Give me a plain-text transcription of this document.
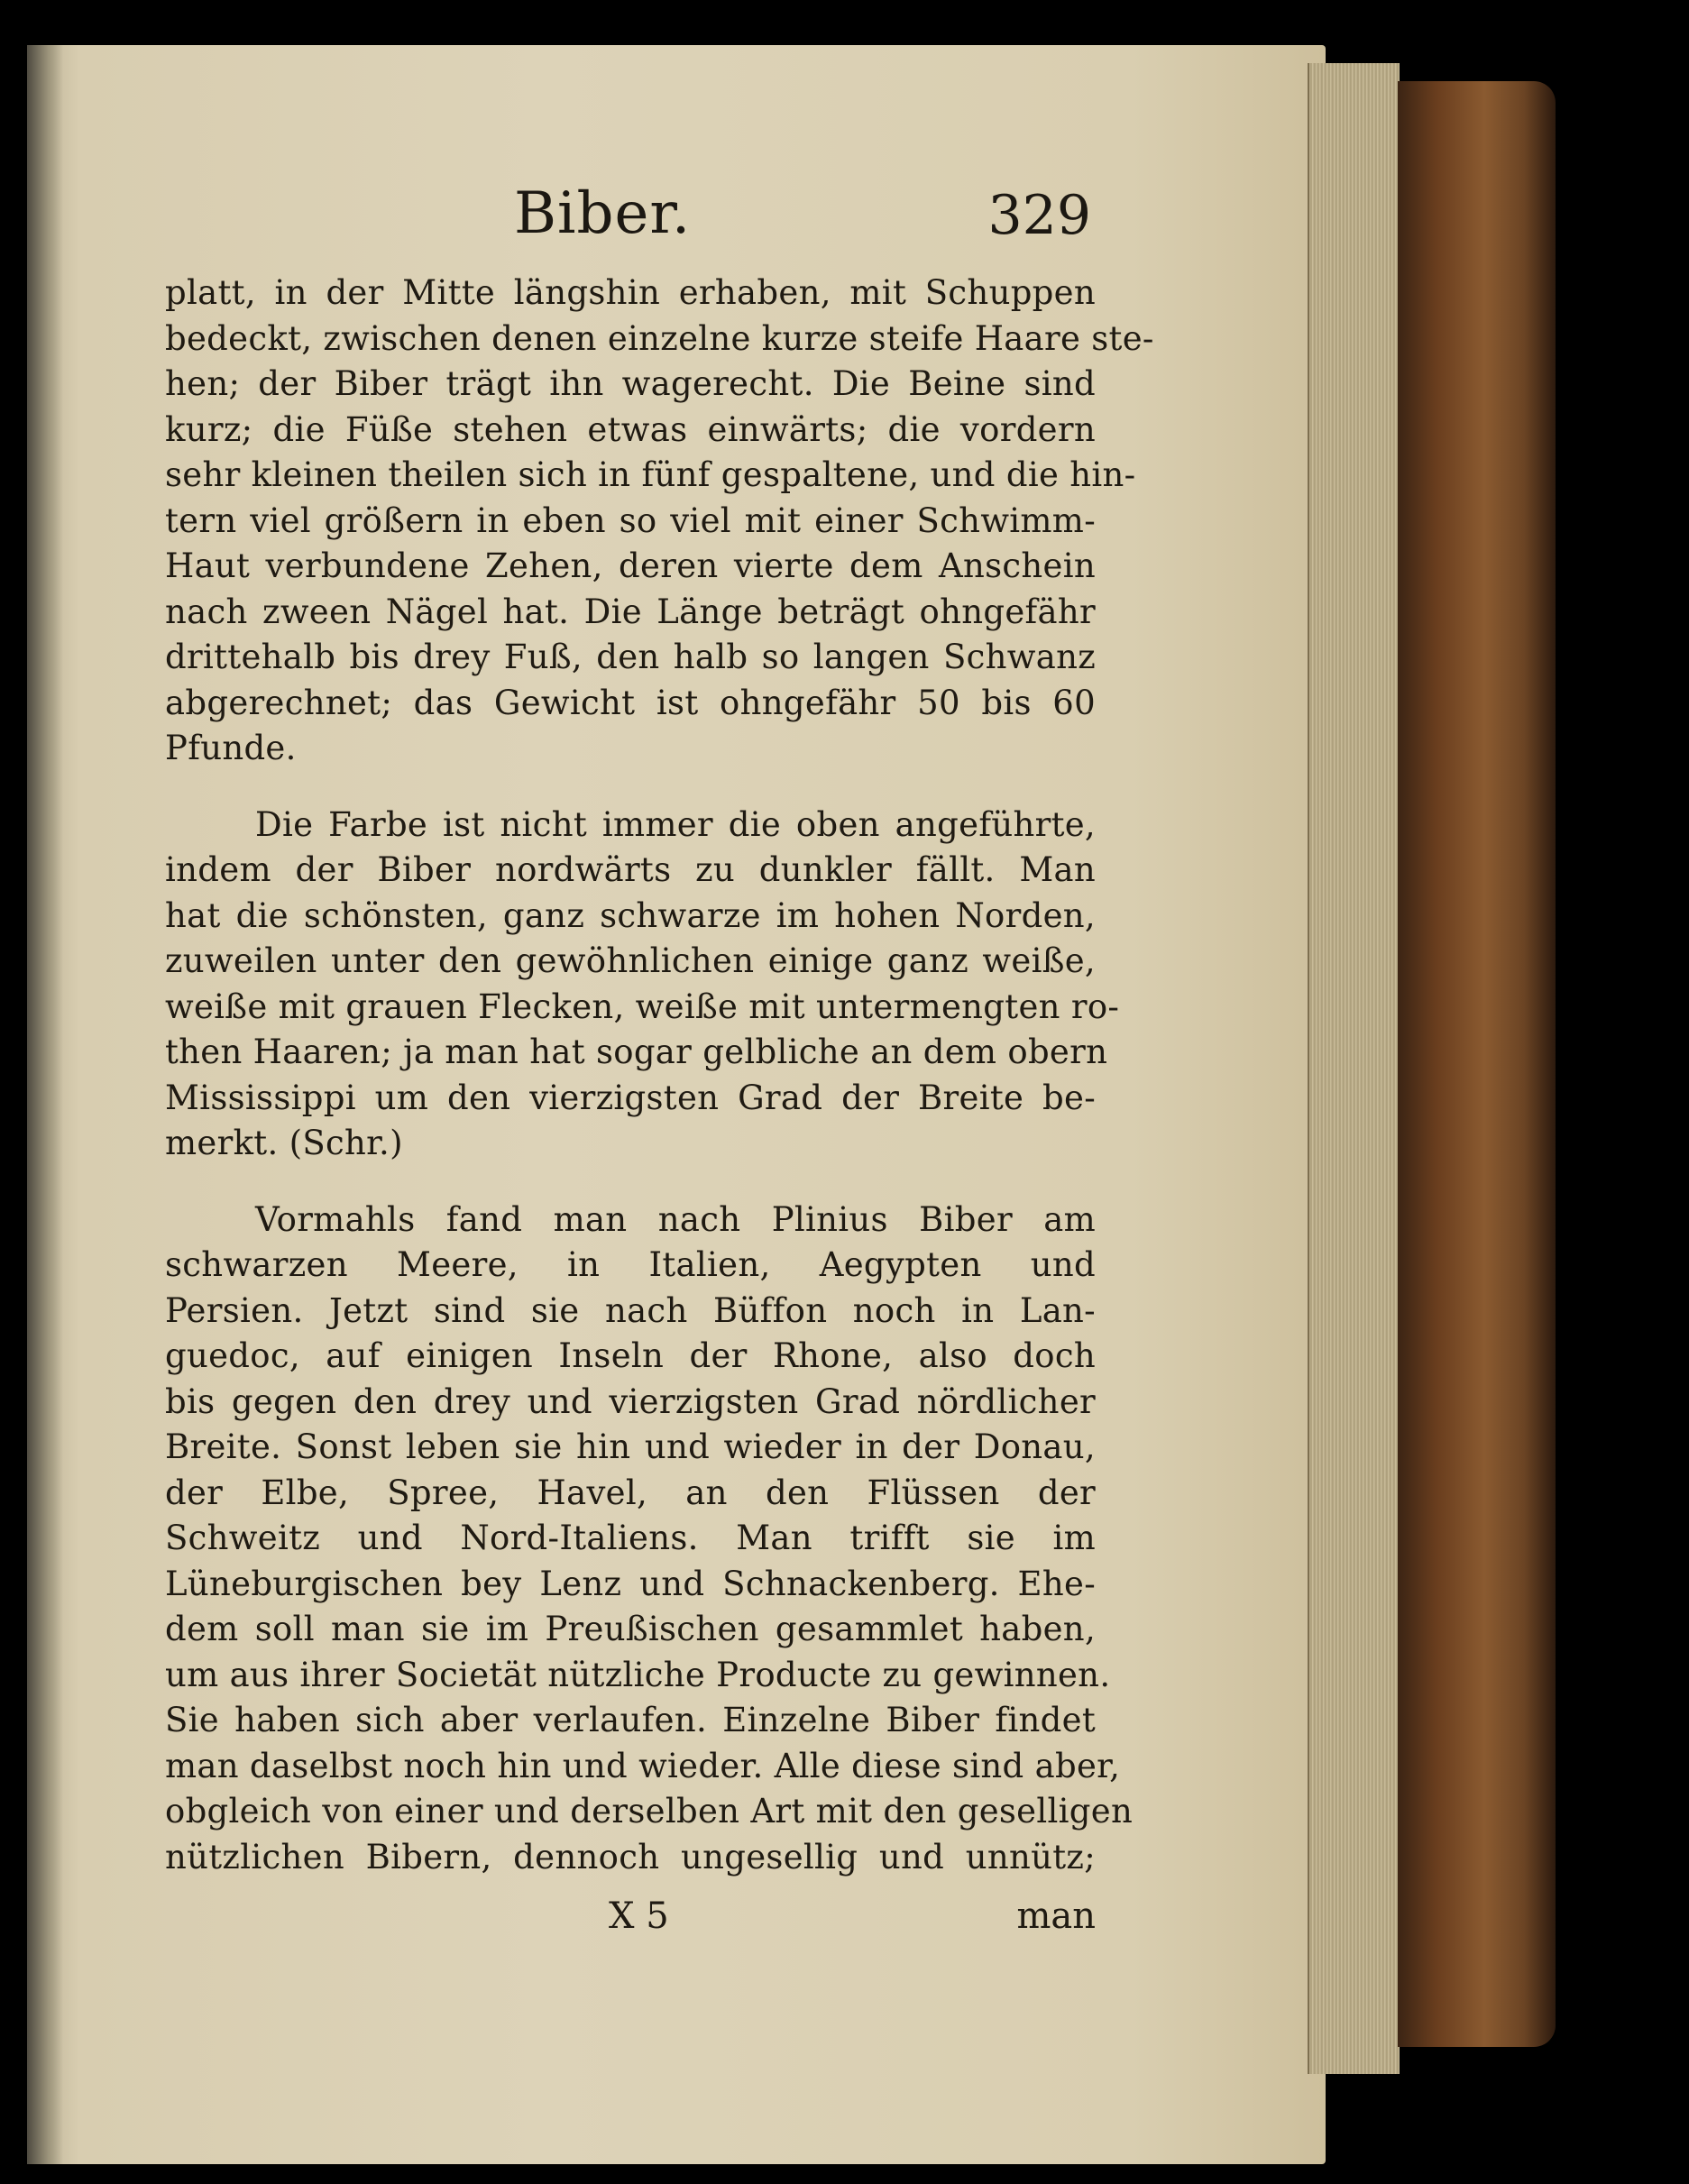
Biber.	329
platt, in der Mitte längshin erhaben, mit Schuppen
bedeckt, zwischen denen einzelne kurze steife Haare ste-
hen; der Biber trägt ihn wagerecht. Die Beine sind
kurz; die Füße stehen etwas einwärts; die vordern
sehr kleinen theilen sich in fünf gespaltene, und die hin-
tern viel größern in eben so viel mit einer Schwimm-
Haut verbundene Zehen, deren vierte dem Anschein
nach zween Nägel hat. Die Länge beträgt ohngefähr
drittehalb bis drey Fuß, den halb so langen Schwanz
abgerechnet; das Gewicht ist ohngefähr 50 bis 60
Pfunde.
Die Farbe ist nicht immer die oben angeführte,
indem der Biber nordwärts zu dunkler fällt. Man
hat die schönsten, ganz schwarze im hohen Norden,
zuweilen unter den gewöhnlichen einige ganz weiße,
weiße mit grauen Flecken, weiße mit untermengten ro-
then Haaren; ja man hat sogar gelbliche an dem obern
Mississippi um den vierzigsten Grad der Breite be-
merkt. (Schr.)
Vormahls fand man nach Plinius Biber am
schwarzen Meere, in Italien, Aegypten und
Persien. Jetzt sind sie nach Büffon noch in Lan-
guedoc, auf einigen Inseln der Rhone, also doch
bis gegen den drey und vierzigsten Grad nördlicher
Breite. Sonst leben sie hin und wieder in der Donau,
der Elbe, Spree, Havel, an den Flüssen der
Schweitz und Nord-Italiens. Man trifft sie im
Lüneburgischen bey Lenz und Schnackenberg. Ehe-
dem soll man sie im Preußischen gesammlet haben,
um aus ihrer Societät nützliche Producte zu gewinnen.
Sie haben sich aber verlaufen. Einzelne Biber findet
man daselbst noch hin und wieder. Alle diese sind aber,
obgleich von einer und derselben Art mit den geselligen
nützlichen Bibern, dennoch ungesellig und unnütz;
X 5	man
